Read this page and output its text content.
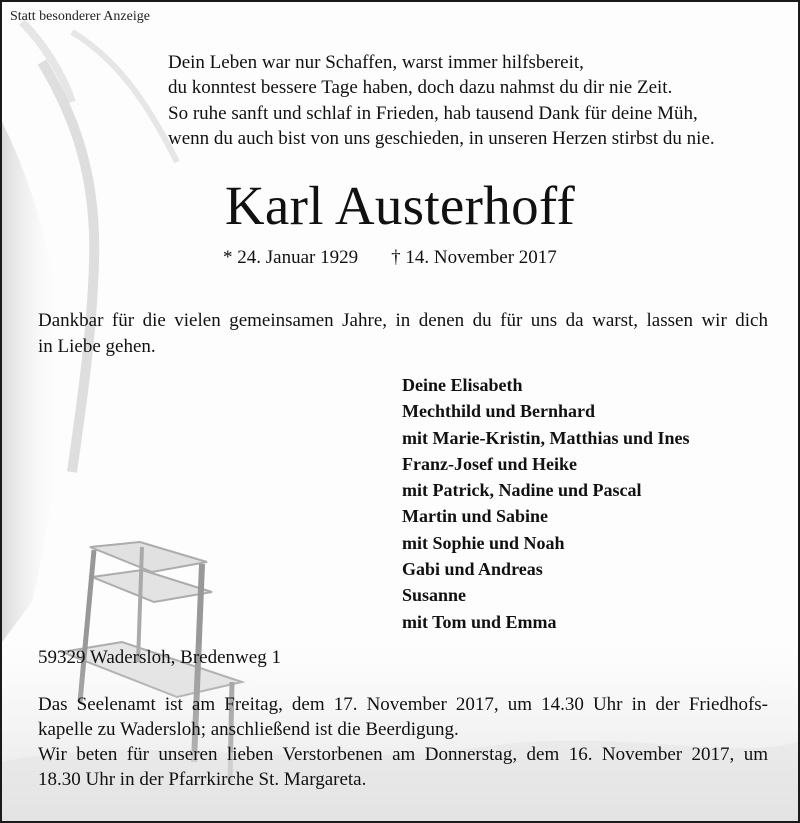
Statt besonderer Anzeige
Dein Leben war nur Schaffen, warst immer hilfsbereit,
du konntest bessere Tage haben, doch dazu nahmst du dir nie Zeit.
So ruhe sanft und schlaf in Frieden, hab tausend Dank für deine Müh,
wenn du auch bist von uns geschieden, in unseren Herzen stirbst du nie.
Karl Austerhoff
* 24. Januar 1929 † 14. November 2017
Dankbar für die vielen gemeinsamen Jahre, in denen du für uns da warst, lassen wir dich
in Liebe gehen.
Deine Elisabeth
Mechthild und Bernhard
mit Marie-Kristin, Matthias und Ines
Franz-Josef und Heike
mit Patrick, Nadine und Pascal
Martin und Sabine
mit Sophie und Noah
Gabi und Andreas
Susanne
mit Tom und Emma
59329 Wadersloh, Bredenweg 1
Das Seelenamt ist am Freitag, dem 17. November 2017, um 14.30 Uhr in der Friedhofs-
kapelle zu Wadersloh; anschließend ist die Beerdigung.
Wir beten für unseren lieben Verstorbenen am Donnerstag, dem 16. November 2017, um
18.30 Uhr in der Pfarrkirche St. Margareta.
